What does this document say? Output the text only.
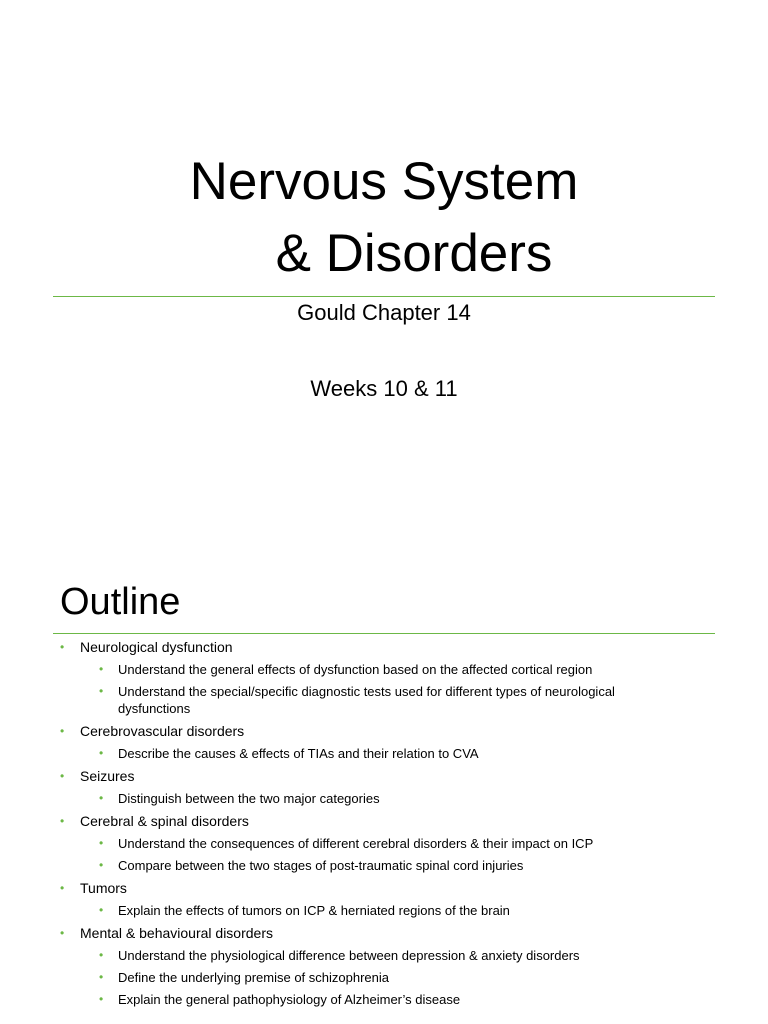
Nervous System
& Disorders
Gould Chapter 14
Weeks 10 & 11
Outline
• Neurological dysfunction
• Understand the general effects of dysfunction based on the affected cortical region
• Understand the special/specific diagnostic tests used for different types of neurological dysfunctions
• Cerebrovascular disorders
• Describe the causes & effects of TIAs and their relation to CVA
• Seizures
• Distinguish between the two major categories
• Cerebral & spinal disorders
• Understand the consequences of different cerebral disorders & their impact on ICP
• Compare between the two stages of post-traumatic spinal cord injuries
• Tumors
• Explain the effects of tumors on ICP & herniated regions of the brain
• Mental & behavioural disorders
• Understand the physiological difference between depression & anxiety disorders
• Define the underlying premise of schizophrenia
• Explain the general pathophysiology of Alzheimer’s disease
